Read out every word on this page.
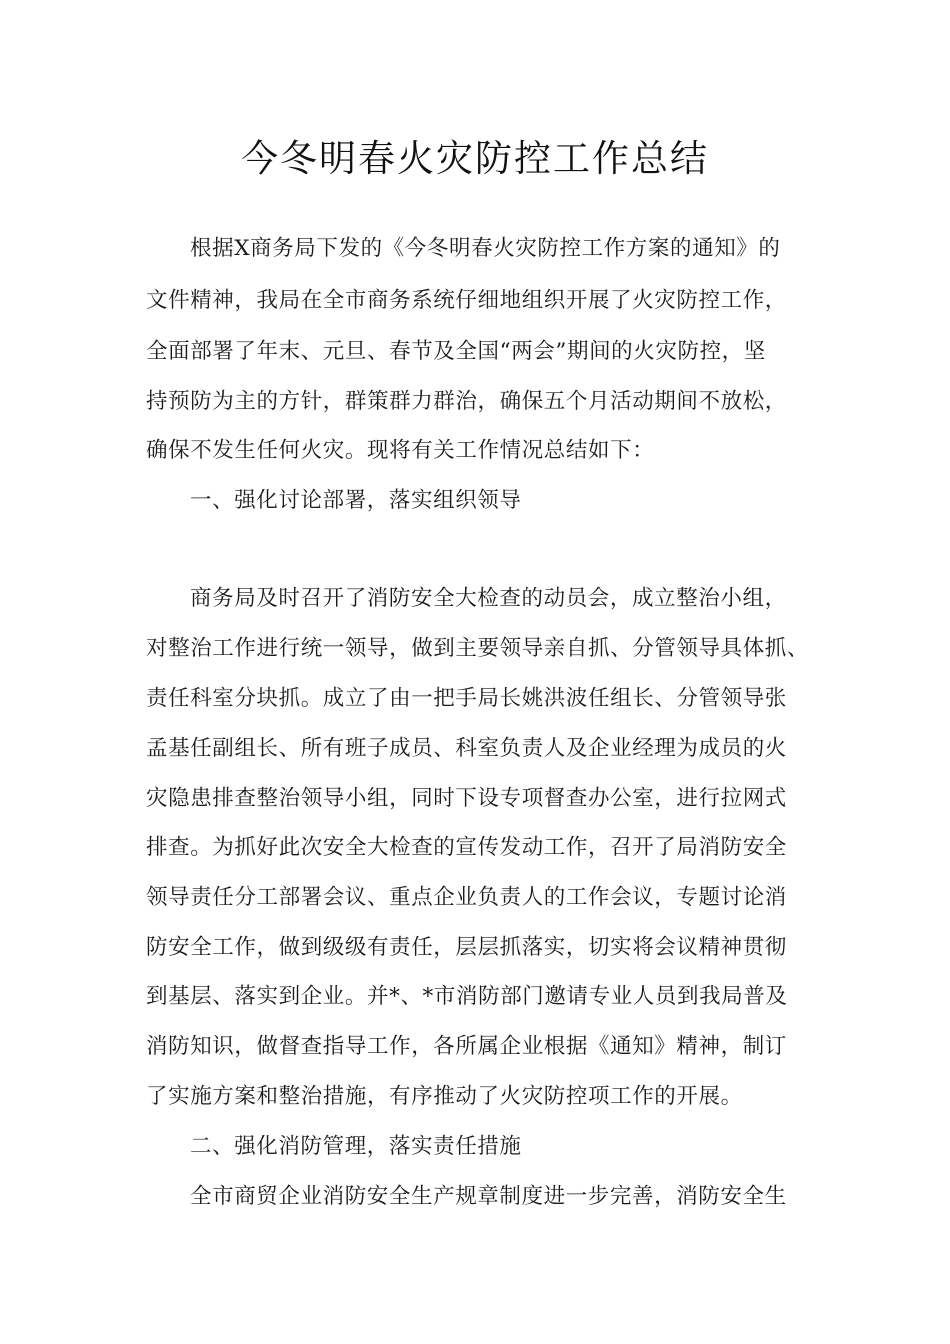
今冬明春火灾防控工作总结
根据X商务局下发的《今冬明春火灾防控工作方案的通知》的
文件精神，我局在全市商务系统仔细地组织开展了火灾防控工作，
全面部署了年末、元旦、春节及全国“两会”期间的火灾防控，坚
持预防为主的方针，群策群力群治，确保五个月活动期间不放松，
确保不发生任何火灾。现将有关工作情况总结如下：
一、强化讨论部署，落实组织领导
商务局及时召开了消防安全大检查的动员会，成立整治小组，
对整治工作进行统一领导，做到主要领导亲自抓、分管领导具体抓、
责任科室分块抓。成立了由一把手局长姚洪波任组长、分管领导张
孟基任副组长、所有班子成员、科室负责人及企业经理为成员的火
灾隐患排查整治领导小组，同时下设专项督查办公室，进行拉网式
排查。为抓好此次安全大检查的宣传发动工作，召开了局消防安全
领导责任分工部署会议、重点企业负责人的工作会议，专题讨论消
防安全工作，做到级级有责任，层层抓落实，切实将会议精神贯彻
到基层、落实到企业。并*、*市消防部门邀请专业人员到我局普及
消防知识，做督查指导工作，各所属企业根据《通知》精神，制订
了实施方案和整治措施，有序推动了火灾防控项工作的开展。
二、强化消防管理，落实责任措施
全市商贸企业消防安全生产规章制度进一步完善，消防安全生
